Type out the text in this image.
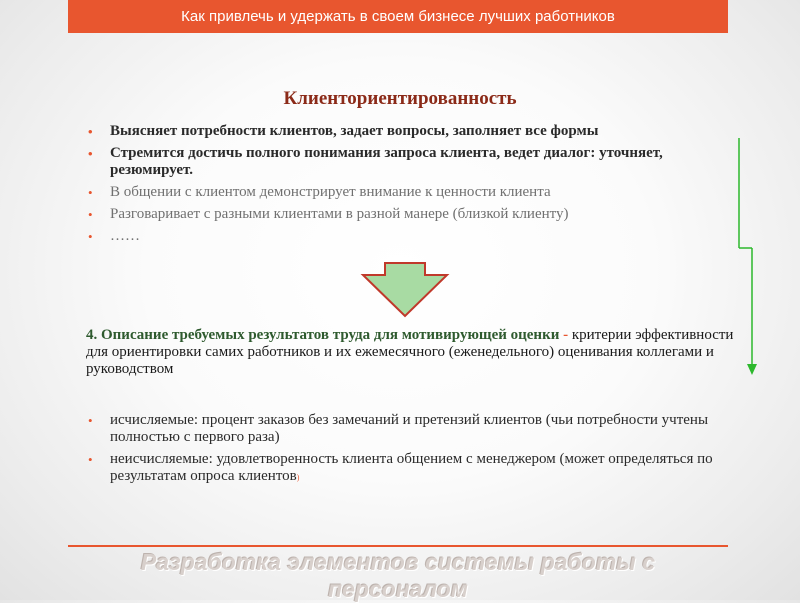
Как привлечь и удержать в своем бизнесе лучших работников
Клиенториентированность
• Выясняет потребности клиентов, задает вопросы, заполняет все формы
• Стремится достичь полного понимания запроса клиента, ведет диалог: уточняет, резюмирует.
• В общении с клиентом демонстрирует внимание к ценности клиента
• Разговаривает с разными клиентами в разной манере (близкой клиенту)
• ……
4. Описание требуемых результатов труда для мотивирующей оценки - критерии эффективности для ориентировки самих работников и их ежемесячного (еженедельного) оценивания коллегами и руководством
• исчисляемые: процент заказов без замечаний и претензий клиентов (чьи потребности учтены полностью с первого раза)
• неисчисляемые: удовлетворенность клиента общением с менеджером (может определяться по результатам опроса клиентов)
Разработка элементов системы работы с персоналом
